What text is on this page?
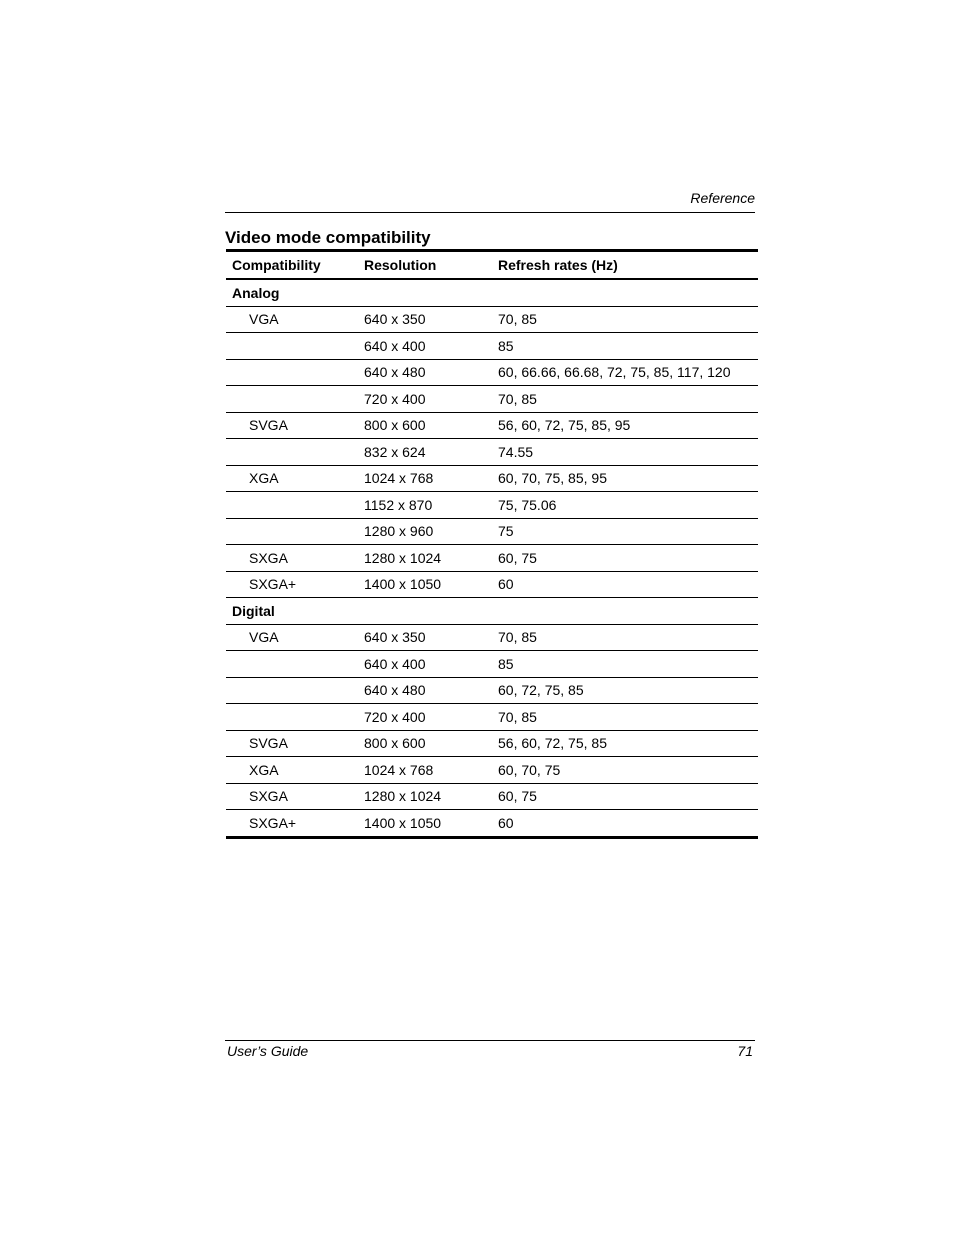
Reference
Video mode compatibility
Compatibility	Resolution	Refresh rates (Hz)
Analog		
VGA	640 x 350	70, 85
	640 x 400	85
	640 x 480	60, 66.66, 66.68, 72, 75, 85, 117, 120
	720 x 400	70, 85
SVGA	800 x 600	56, 60, 72, 75, 85, 95
	832 x 624	74.55
XGA	1024 x 768	60, 70, 75, 85, 95
	1152 x 870	75, 75.06
	1280 x 960	75
SXGA	1280 x 1024	60, 75
SXGA+	1400 x 1050	60
Digital		
VGA	640 x 350	70, 85
	640 x 400	85
	640 x 480	60, 72, 75, 85
	720 x 400	70, 85
SVGA	800 x 600	56, 60, 72, 75, 85
XGA	1024 x 768	60, 70, 75
SXGA	1280 x 1024	60, 75
SXGA+	1400 x 1050	60
User’s Guide	71
